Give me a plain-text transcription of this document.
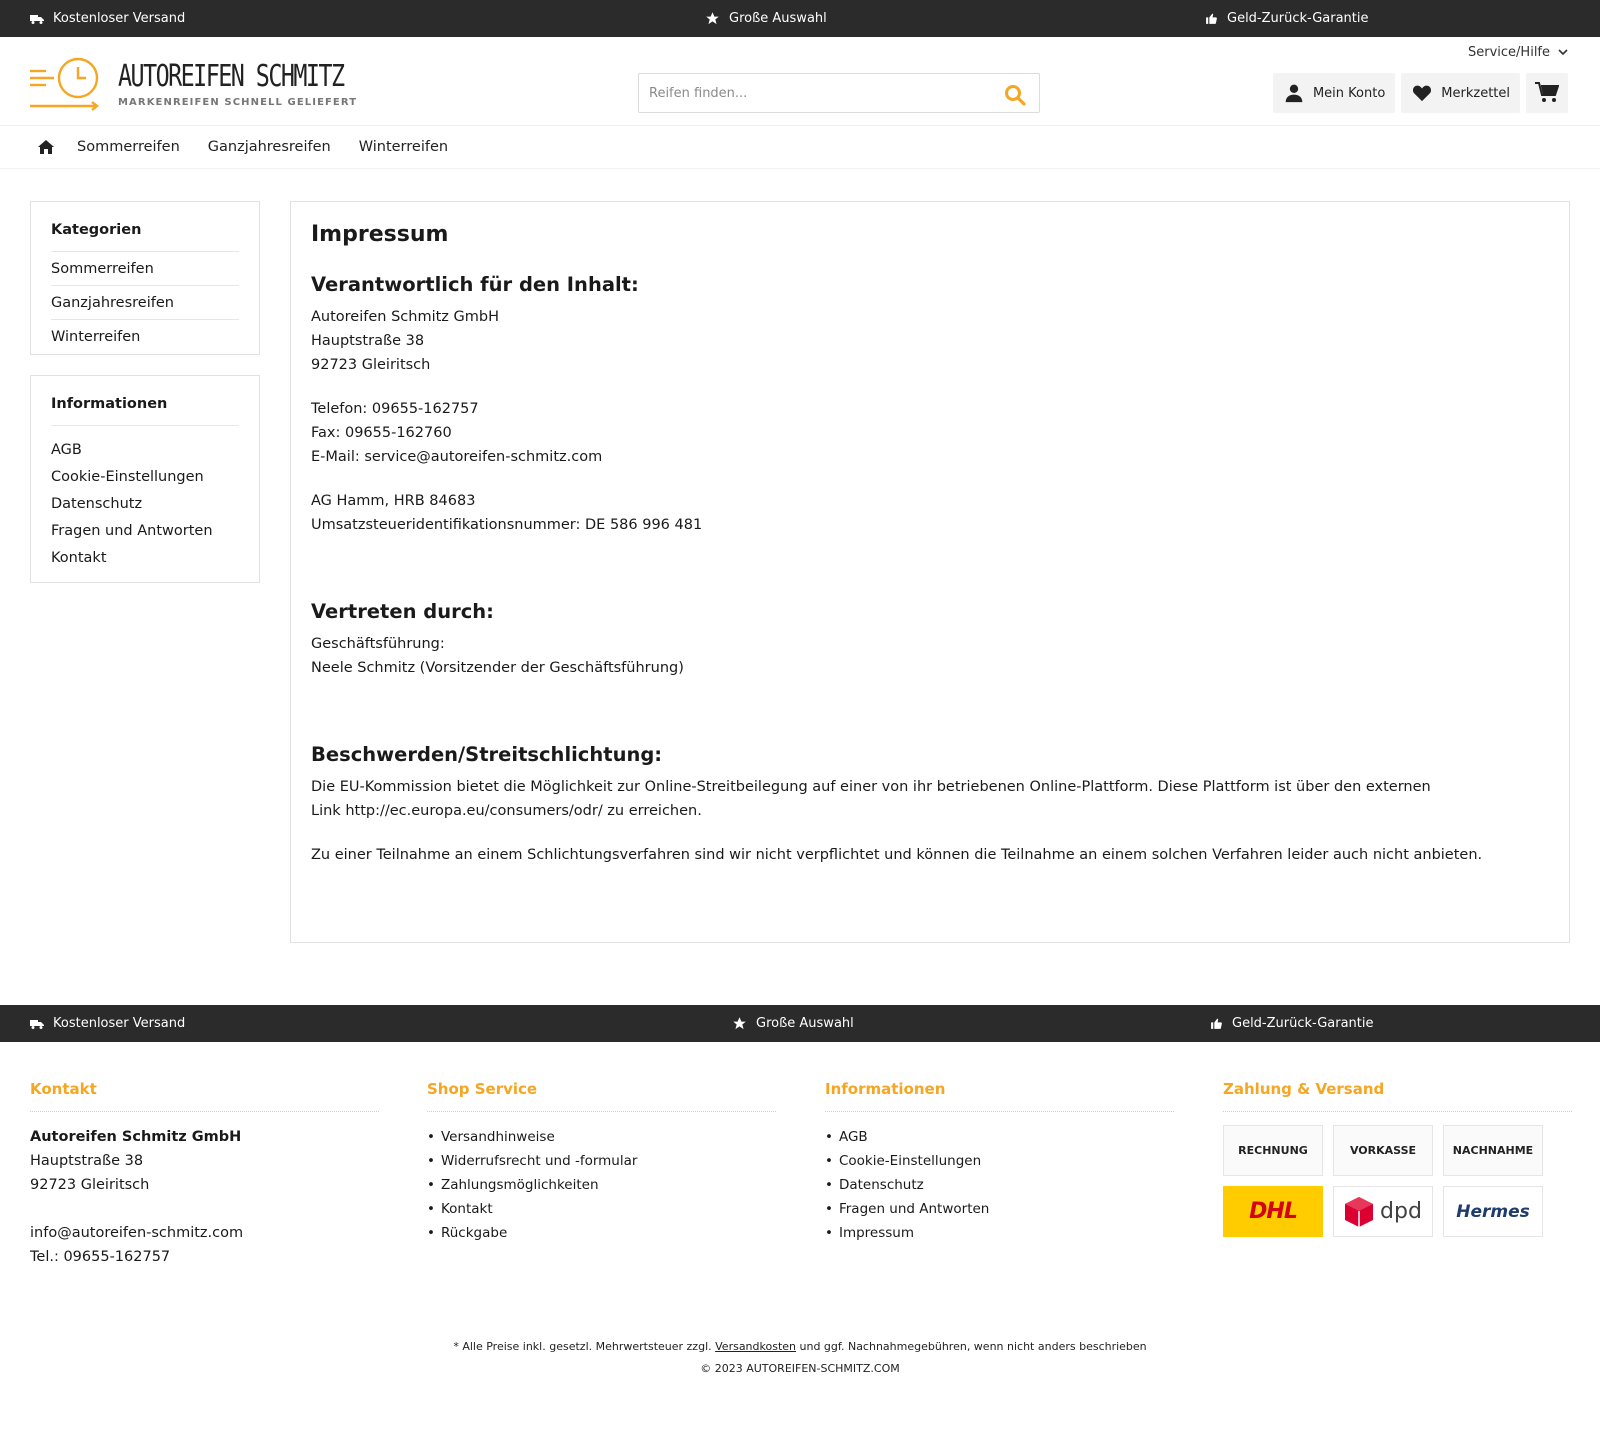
Kostenloser Versand	Große Auswahl	Geld-Zurück-Garantie
AUTOREIFEN SCHMITZ
MARKENREIFEN SCHNELL GELIEFERT
Service/Hilfe
Reifen finden...
Mein Konto	Merkzettel
Sommerreifen Ganzjahresreifen Winterreifen
Kategorien
Sommerreifen
Ganzjahresreifen
Winterreifen
Informationen
AGB
Cookie-Einstellungen
Datenschutz
Fragen und Antworten
Kontakt
Impressum
Verantwortlich für den Inhalt:

Autoreifen Schmitz GmbH

Hauptstraße 38

92723 Gleiritsch

Telefon: 09655-162757

Fax: 09655-162760

E-Mail: service@autoreifen-schmitz.com

AG Hamm, HRB 84683

Umsatzsteueridentifikationsnummer: DE 586 996 481

Vertreten durch:

Geschäftsführung:

Neele Schmitz (Vorsitzender der Geschäftsführung)

Beschwerden/Streitschlichtung:

Die EU-Kommission bietet die Möglichkeit zur Online-Streitbeilegung auf einer von ihr betriebenen Online-Plattform. Diese Plattform ist über den externen

Link http://ec.europa.eu/consumers/odr/ zu erreichen.

Zu einer Teilnahme an einem Schlichtungsverfahren sind wir nicht verpflichtet und können die Teilnahme an einem solchen Verfahren leider auch nicht anbieten.

Kostenloser Versand	Große Auswahl	Geld-Zurück-Garantie
Kontakt
Autoreifen Schmitz GmbH
Hauptstraße 38
92723 Gleiritsch
info@autoreifen-schmitz.com
Tel.: 09655-162757
Shop Service
• Versandhinweise
• Widerrufsrecht und -formular
• Zahlungsmöglichkeiten
• Kontakt
• Rückgabe
Informationen
• AGB
• Cookie-Einstellungen
• Datenschutz
• Fragen und Antworten
• Impressum
Zahlung & Versand
RECHNUNG	VORKASSE	NACHNAHME
DHL	dpd Hermes
* Alle Preise inkl. gesetzl. Mehrwertsteuer zzgl. Versandkosten und ggf. Nachnahmegebühren, wenn nicht anders beschrieben
© 2023 AUTOREIFEN-SCHMITZ.COM
